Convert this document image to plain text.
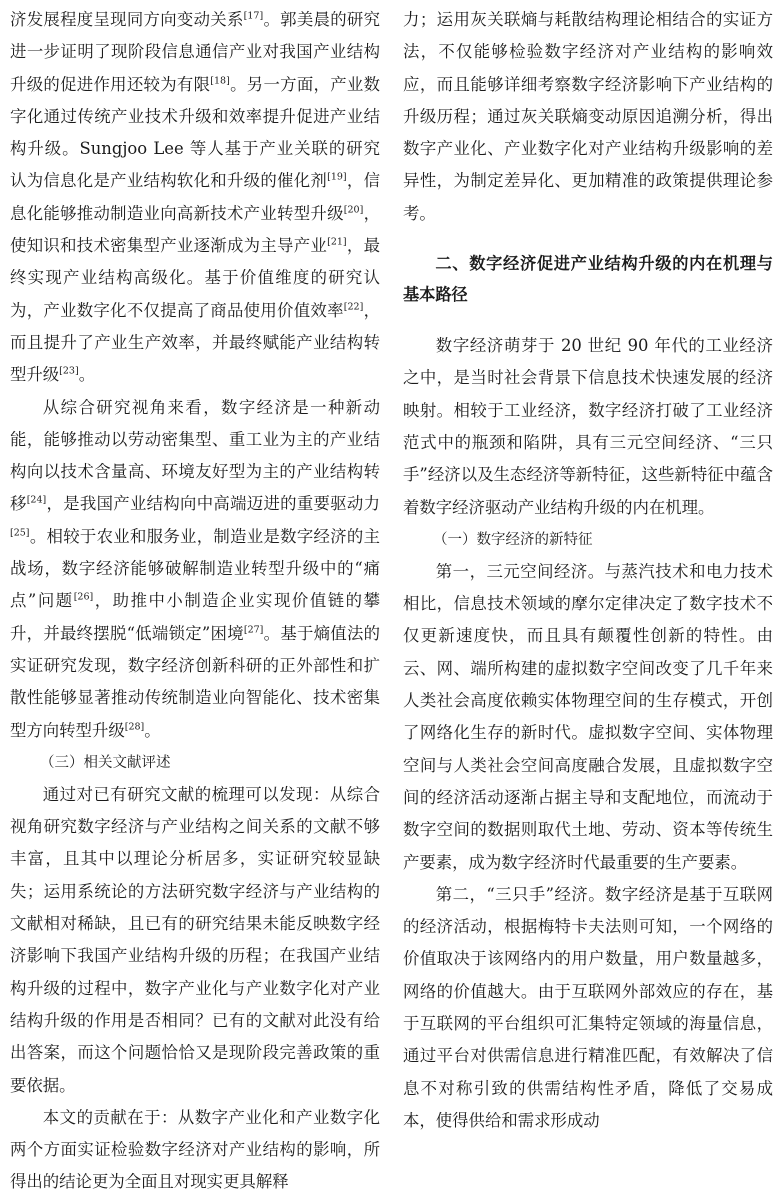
济发展程度呈现同方向变动关系[17]。郭美晨的研究进一步证明了现阶段信息通信产业对我国产业结构升级的促进作用还较为有限[18]。另一方面，产业数字化通过传统产业技术升级和效率提升促进产业结构升级。Sungjoo Lee 等人基于产业关联的研究认为信息化是产业结构软化和升级的催化剂[19]，信息化能够推动制造业向高新技术产业转型升级[20]，使知识和技术密集型产业逐渐成为主导产业[21]，最终实现产业结构高级化。基于价值维度的研究认为，产业数字化不仅提高了商品使用价值效率[22]，而且提升了产业生产效率，并最终赋能产业结构转型升级[23]。

从综合研究视角来看，数字经济是一种新动能，能够推动以劳动密集型、重工业为主的产业结构向以技术含量高、环境友好型为主的产业结构转移[24]，是我国产业结构向中高端迈进的重要驱动力[25]。相较于农业和服务业，制造业是数字经济的主战场，数字经济能够破解制造业转型升级中的“痛点”问题[26]，助推中小制造企业实现价值链的攀升，并最终摆脱“低端锁定”困境[27]。基于熵值法的实证研究发现，数字经济创新科研的正外部性和扩散性能够显著推动传统制造业向智能化、技术密集型方向转型升级[28]。

（三）相关文献评述

通过对已有研究文献的梳理可以发现：从综合视角研究数字经济与产业结构之间关系的文献不够丰富，且其中以理论分析居多，实证研究较显缺失；运用系统论的方法研究数字经济与产业结构的文献相对稀缺，且已有的研究结果未能反映数字经济影响下我国产业结构升级的历程；在我国产业结构升级的过程中，数字产业化与产业数字化对产业结构升级的作用是否相同？已有的文献对此没有给出答案，而这个问题恰恰又是现阶段完善政策的重要依据。

本文的贡献在于：从数字产业化和产业数字化两个方面实证检验数字经济对产业结构的影响，所得出的结论更为全面且对现实更具解释

力；运用灰关联熵与耗散结构理论相结合的实证方法，不仅能够检验数字经济对产业结构的影响效应，而且能够详细考察数字经济影响下产业结构的升级历程；通过灰关联熵变动原因追溯分析，得出数字产业化、产业数字化对产业结构升级影响的差异性，为制定差异化、更加精准的政策提供理论参考。

二、数字经济促进产业结构升级的内在机理与基本路径

数字经济萌芽于 20 世纪 90 年代的工业经济之中，是当时社会背景下信息技术快速发展的经济映射。相较于工业经济，数字经济打破了工业经济范式中的瓶颈和陷阱，具有三元空间经济、“三只手”经济以及生态经济等新特征，这些新特征中蕴含着数字经济驱动产业结构升级的内在机理。

（一）数字经济的新特征

第一，三元空间经济。与蒸汽技术和电力技术相比，信息技术领域的摩尔定律决定了数字技术不仅更新速度快，而且具有颠覆性创新的特性。由云、网、端所构建的虚拟数字空间改变了几千年来人类社会高度依赖实体物理空间的生存模式，开创了网络化生存的新时代。虚拟数字空间、实体物理空间与人类社会空间高度融合发展，且虚拟数字空间的经济活动逐渐占据主导和支配地位，而流动于数字空间的数据则取代土地、劳动、资本等传统生产要素，成为数字经济时代最重要的生产要素。

第二，“三只手”经济。数字经济是基于互联网的经济活动，根据梅特卡夫法则可知，一个网络的价值取决于该网络内的用户数量，用户数量越多，网络的价值越大。由于互联网外部效应的存在，基于互联网的平台组织可汇集特定领域的海量信息，通过平台对供需信息进行精准匹配，有效解决了信息不对称引致的供需结构性矛盾，降低了交易成本，使得供给和需求形成动
